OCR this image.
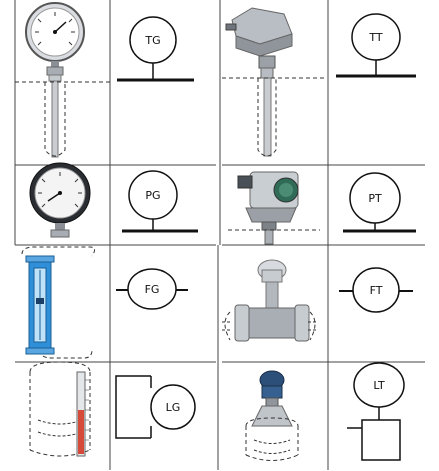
TG	TT
PG	PT
FG	FT
LG
LT
